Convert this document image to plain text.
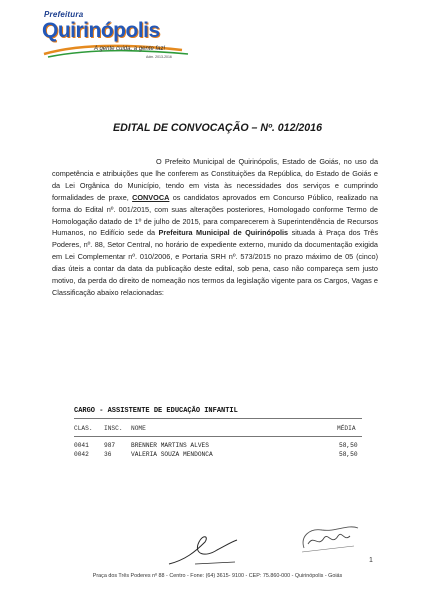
Prefeitura
Quirinópolis
A gente cuida, a gente faz!
Adm. 2013-2016
EDITAL DE CONVOCAÇÃO – Nº. 012/2016
O Prefeito Municipal de Quirinópolis, Estado de Goiás, no uso da competência e atribuições que lhe conferem as Constituições da República, do Estado de Goiás e da Lei Orgânica do Município, tendo em vista às necessidades dos serviços e cumprindo formalidades de praxe, CONVOCA os candidatos aprovados em Concurso Público, realizado na forma do Edital nº. 001/2015, com suas alterações posteriores, Homologado conforme Termo de Homologação datado de 1º de julho de 2015, para comparecerem à Superintendência de Recursos Humanos, no Edifício sede da Prefeitura Municipal de Quirinópolis situada à Praça dos Três Poderes, nº. 88, Setor Central, no horário de expediente externo, munido da documentação exigida em Lei Complementar nº. 010/2006, e Portaria SRH nº. 573/2015 no prazo máximo de 05 (cinco) dias úteis a contar da data da publicação deste edital, sob pena, caso não compareça sem justo motivo, da perda do direito de nomeação nos termos da legislação vigente para os Cargos, Vagas e Classificação abaixo relacionadas:
CARGO - ASSISTENTE DE EDUCAÇÃO INFANTIL
CLAS. INSC. NOME	MÉDIA
0041 987	BRENNER MARTINS ALVES	58,50
0042 36	VALERIA SOUZA MENDONCA	58,50
1
Praça dos Três Poderes nº 88 - Centro - Fone: (64) 3615- 9100 - CEP: 75.860-000 - Quirinópolis - Goiás
